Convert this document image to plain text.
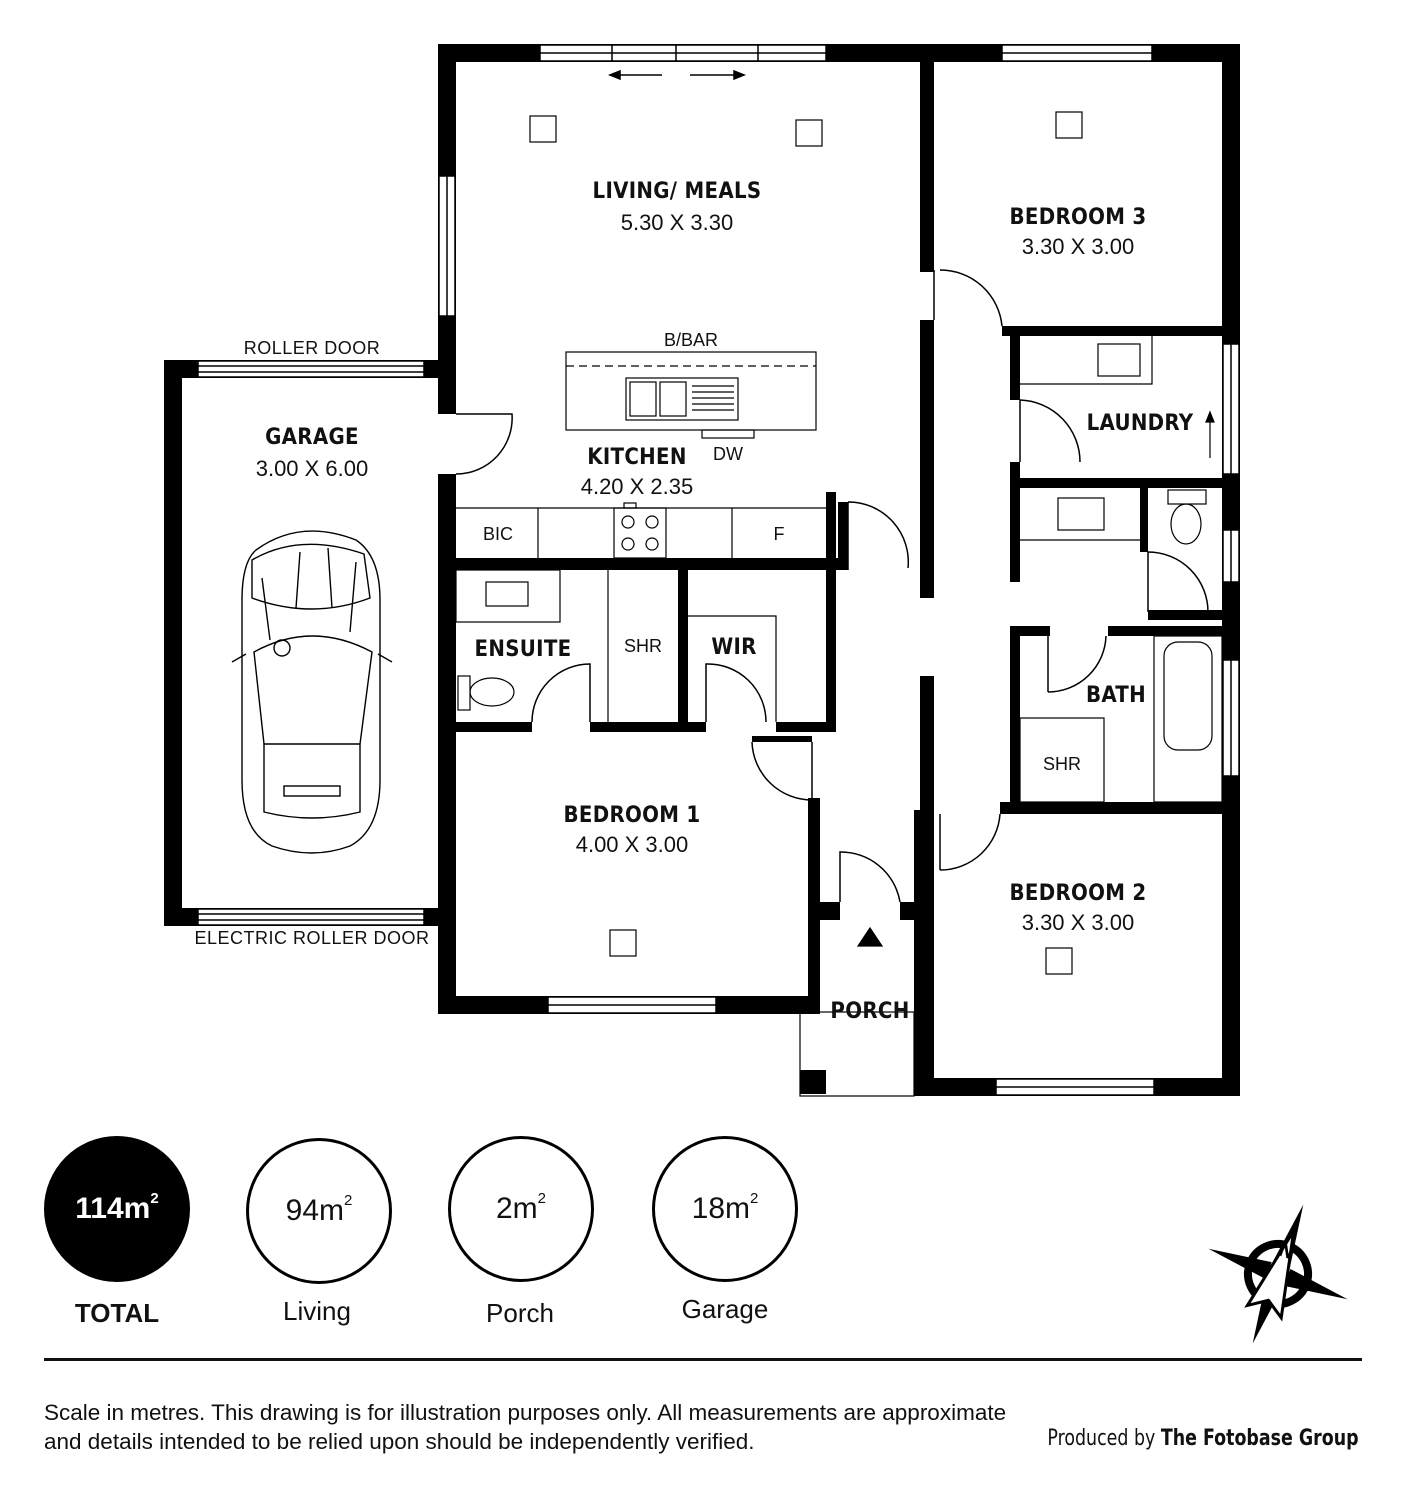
LIVING/ MEALS
5.30 X 3.30
B/BAR
KITCHEN
4.20 X 2.35
DW
BIC	F
BEDROOM 3
3.30 X 3.00
LAUNDRY
GARAGE
3.00 X 6.00
ROLLER DOOR
ELECTRIC ROLLER DOOR
ENSUITE	SHR WIR
BATH
SHR
BEDROOM 1
4.00 X 3.00
BEDROOM 2
3.30 X 3.00
PORCH
$114m^2$
TOTAL
$94m^2$
Living
$2m^2$
Porch
$18m^2$
Garage
N
Scale in metres. This drawing is for illustration purposes only. All measurements are approximate and details intended to be relied upon should be independently verified.	Produced by The Fotobase Group
